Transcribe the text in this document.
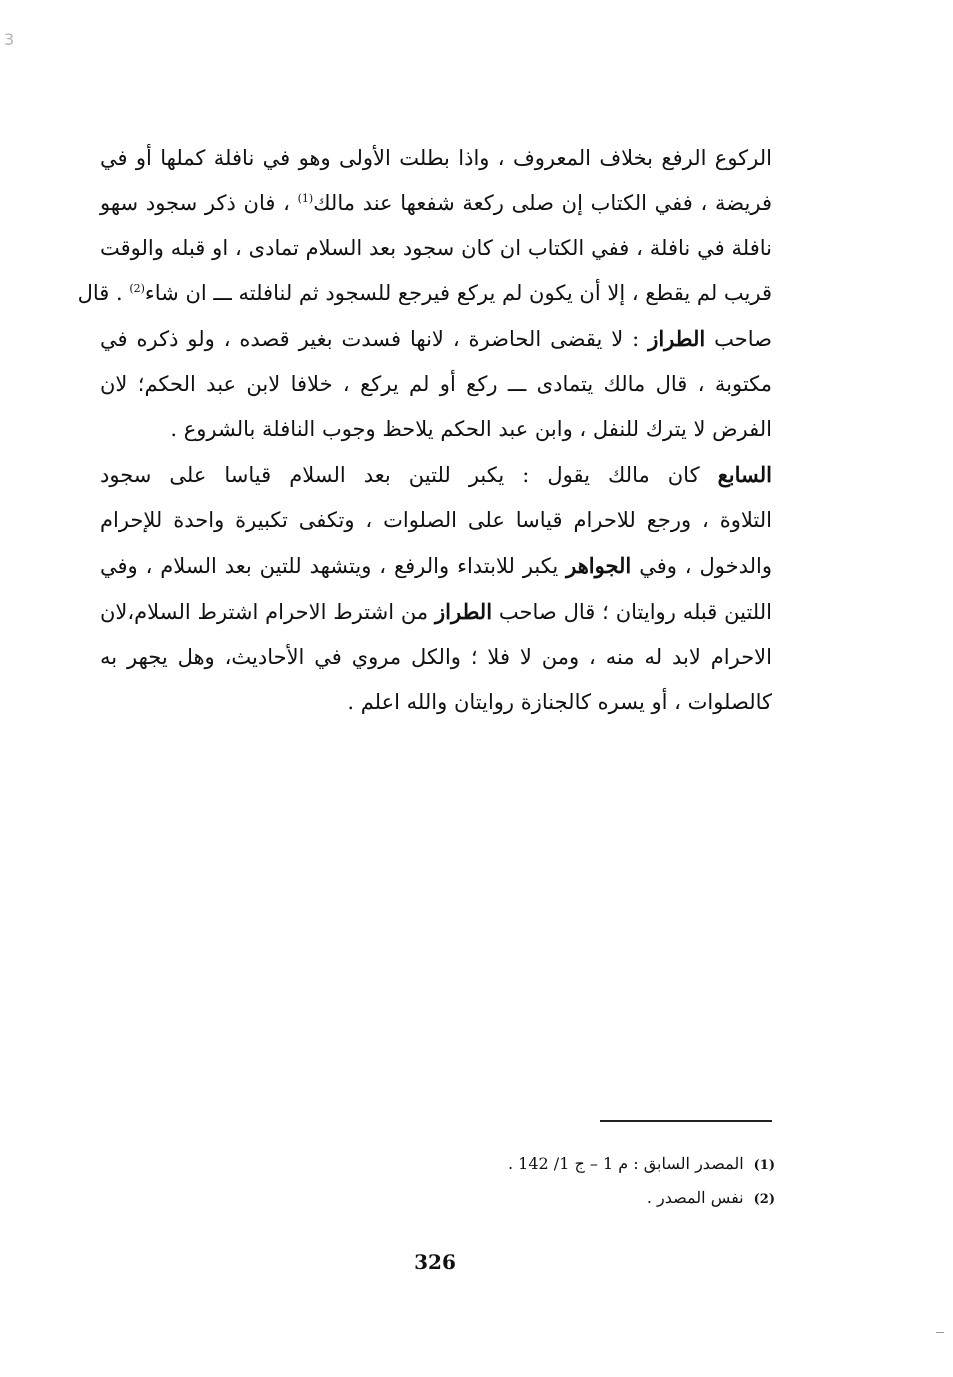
3
الركوع الرفع بخلاف المعروف ، واذا بطلت الأولى وهو في نافلة كملها أو في
فريضة ، ففي الكتاب إن صلى ركعة شفعها عند مالك$^{(1)}$ ، فان ذكر سجود سهو
نافلة في نافلة ، ففي الكتاب ان كان سجود بعد السلام تمادى ، او قبله والوقت
قريب لم يقطع ، إلا أن يكون لم يركع فيرجع للسجود ثم لنافلته ـــ ان شاء$^{(2)}$ . قال
صاحب الطراز : لا يقضى الحاضرة ، لانها فسدت بغير قصده ، ولو ذكره في
مكتوبة ، قال مالك يتمادى ـــ ركع أو لم يركع ، خلافا لابن عبد الحكم؛ لان
الفرض لا يترك للنفل ، وابن عبد الحكم يلاحظ وجوب النافلة بالشروع .
السابع كان مالك يقول : يكبر للتين بعد السلام قياسا على سجود
التلاوة ، ورجع للاحرام قياسا على الصلوات ، وتكفى تكبيرة واحدة للإحرام
والدخول ، وفي الجواهر يكبر للابتداء والرفع ، ويتشهد للتين بعد السلام ، وفي
اللتين قبله روايتان ؛ قال صاحب الطراز من اشترط الاحرام اشترط السلام،لان
الاحرام لابد له منه ، ومن لا فلا ؛ والكل مروي في الأحاديث، وهل يجهر به
كالصلوات ، أو يسره كالجنازة روايتان والله اعلم .
(1)المصدر السابق : م 1 – ج 1/ 142 .
(2)نفس المصدر .
326
